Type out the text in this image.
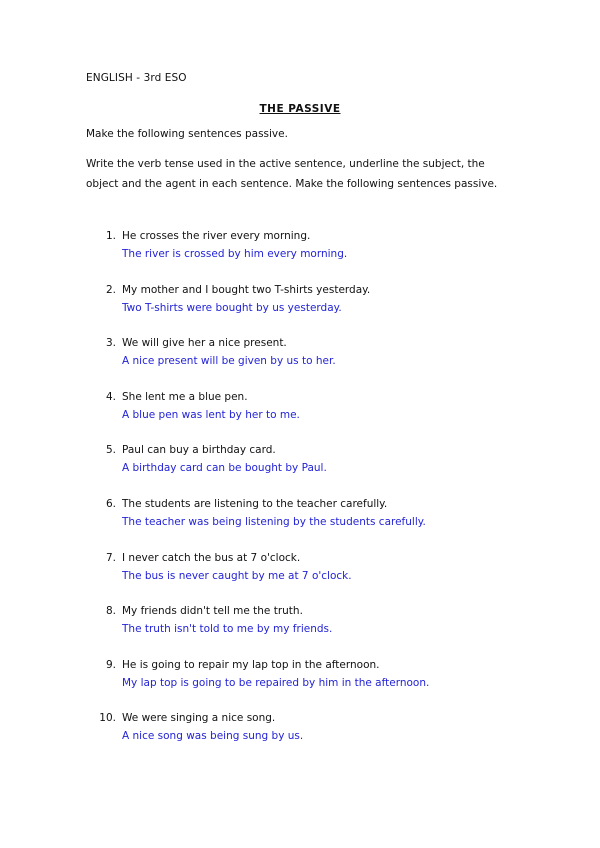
ENGLISH - 3rd ESO
THE PASSIVE
Make the following sentences passive.
Write the verb tense used in the active sentence, underline the subject, the object and the agent in each sentence. Make the following sentences passive.
1. He crosses the river every morning.
The river is crossed by him every morning.
2. My mother and I bought two T-shirts yesterday.
Two T-shirts were bought by us yesterday.
3. We will give her a nice present.
A nice present will be given by us to her.
4. She lent me a blue pen.
A blue pen was lent by her to me.
5. Paul can buy a birthday card.
A birthday card can be bought by Paul.
6. The students are listening to the teacher carefully.
The teacher was being listening by the students carefully.
7. I never catch the bus at 7 o'clock.
The bus is never caught by me at 7 o'clock.
8. My friends didn't tell me the truth.
The truth isn't told to me by my friends.
9. He is going to repair my lap top in the afternoon.
My lap top is going to be repaired by him in the afternoon.
10. We were singing a nice song.
A nice song was being sung by us.
